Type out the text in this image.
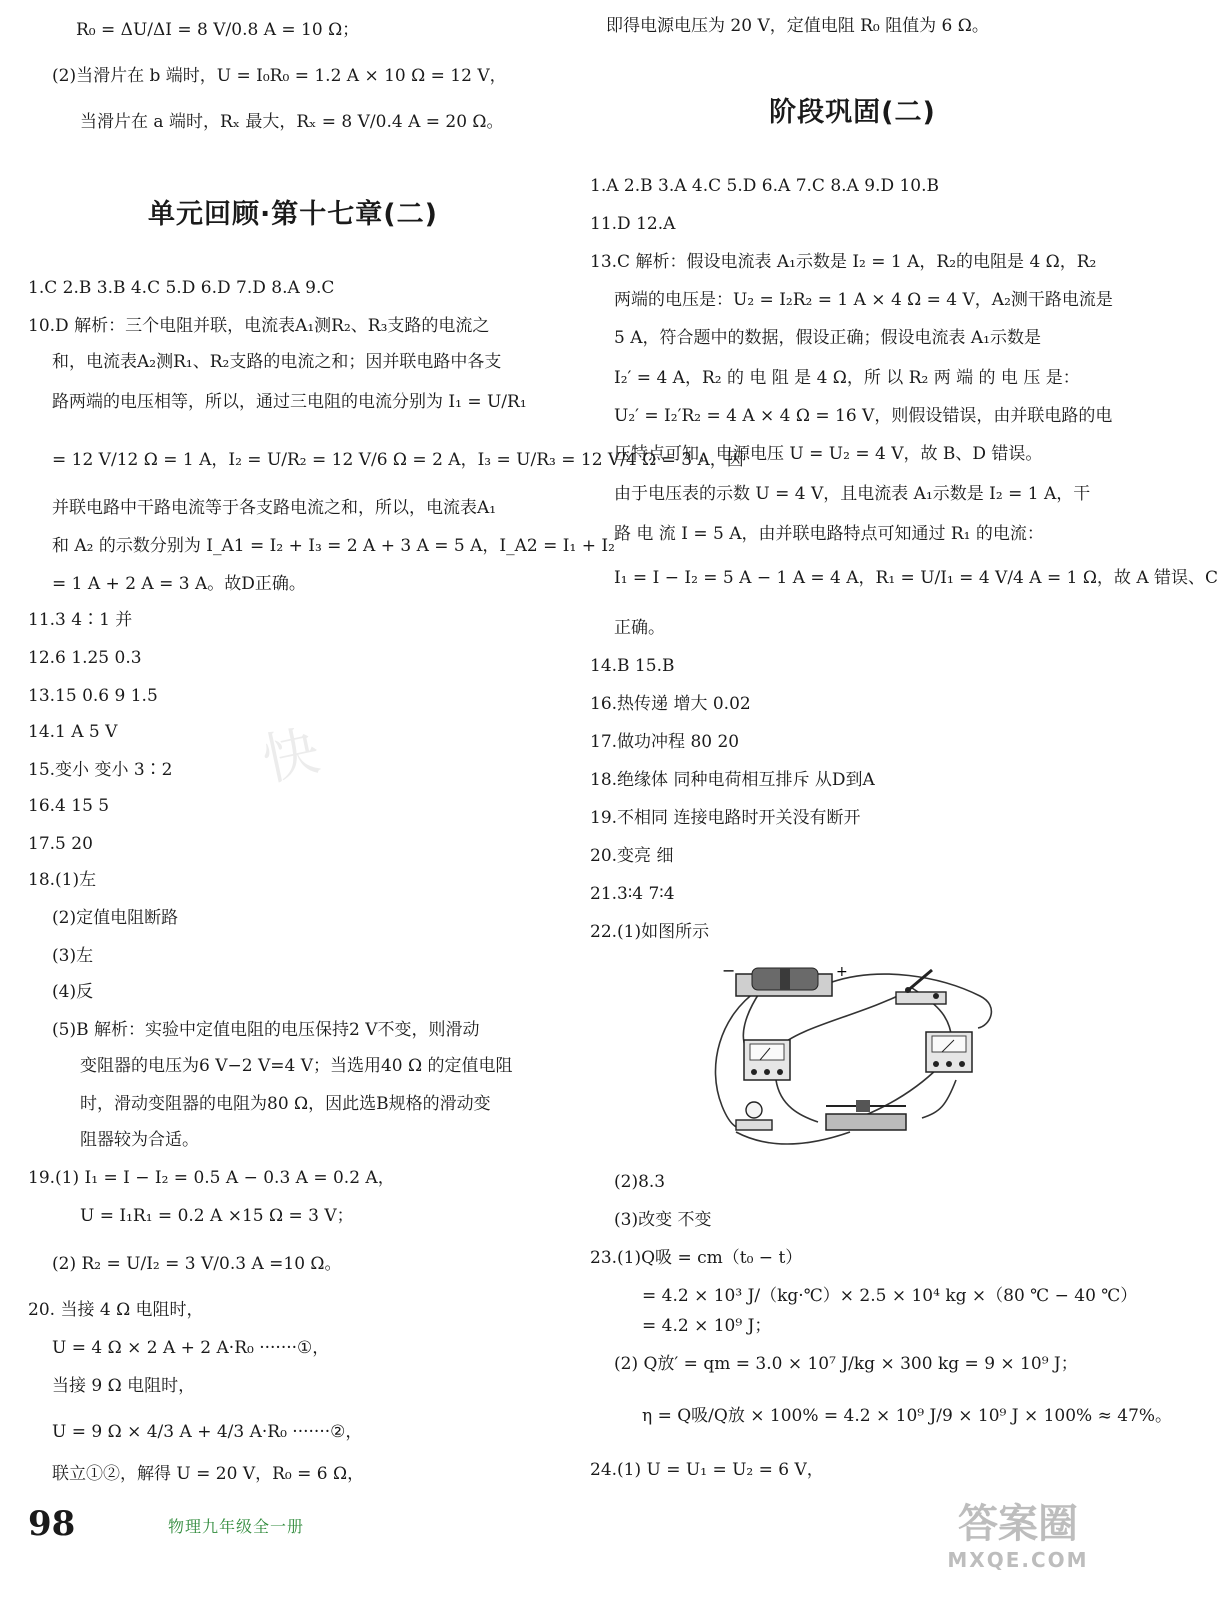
快
R₀ = ΔU/ΔI = 8 V/0.8 A = 10 Ω；
(2)当滑片在 b 端时，U = I₀R₀ = 1.2 A × 10 Ω = 12 V，
当滑片在 a 端时，Rₓ 最大，Rₓ = 8 V/0.4 A = 20 Ω。
单元回顾·第十七章(二)
1.C 2.B 3.B 4.C 5.D 6.D 7.D 8.A 9.C
10.D 解析：三个电阻并联，电流表A₁测R₂、R₃支路的电流之
和，电流表A₂测R₁、R₂支路的电流之和；因并联电路中各支
路两端的电压相等，所以，通过三电阻的电流分别为 I₁ = U/R₁
= 12 V/12 Ω = 1 A，I₂ = U/R₂ = 12 V/6 Ω = 2 A，I₃ = U/R₃ = 12 V/4 Ω = 3 A，因
并联电路中干路电流等于各支路电流之和，所以，电流表A₁
和 A₂ 的示数分别为 I_A1 = I₂ + I₃ = 2 A + 3 A = 5 A，I_A2 = I₁ + I₂
= 1 A + 2 A = 3 A。故D正确。
11.3 4∶1 并
12.6 1.25 0.3
13.15 0.6 9 1.5
14.1 A 5 V
15.变小 变小 3∶2
16.4 15 5
17.5 20
18.(1)左
(2)定值电阻断路
(3)左
(4)反
(5)B 解析：实验中定值电阻的电压保持2 V不变，则滑动
变阻器的电压为6 V−2 V=4 V；当选用40 Ω 的定值电阻
时，滑动变阻器的电阻为80 Ω，因此选B规格的滑动变
阻器较为合适。
19.(1) I₁ = I − I₂ = 0.5 A − 0.3 A = 0.2 A，
U = I₁R₁ = 0.2 A ×15 Ω = 3 V；
(2) R₂ = U/I₂ = 3 V/0.3 A =10 Ω。
20. 当接 4 Ω 电阻时，
U = 4 Ω × 2 A + 2 A·R₀ ·······①，
当接 9 Ω 电阻时，
U = 9 Ω × 4/3 A + 4/3 A·R₀ ·······②，
联立①②，解得 U = 20 V，R₀ = 6 Ω，
即得电源电压为 20 V，定值电阻 R₀ 阻值为 6 Ω。
阶段巩固(二)
1.A 2.B 3.A 4.C 5.D 6.A 7.C 8.A 9.D 10.B
11.D 12.A
13.C 解析：假设电流表 A₁示数是 I₂ = 1 A，R₂的电阻是 4 Ω，R₂
两端的电压是：U₂ = I₂R₂ = 1 A × 4 Ω = 4 V，A₂测干路电流是
5 A，符合题中的数据，假设正确；假设电流表 A₁示数是
I₂′ = 4 A，R₂ 的 电 阻 是 4 Ω，所 以 R₂ 两 端 的 电 压 是：
U₂′ = I₂′R₂ = 4 A × 4 Ω = 16 V，则假设错误，由并联电路的电
压特点可知，电源电压 U = U₂ = 4 V，故 B、D 错误。
由于电压表的示数 U = 4 V，且电流表 A₁示数是 I₂ = 1 A，干
路 电 流 I = 5 A，由并联电路特点可知通过 R₁ 的电流：
I₁ = I − I₂ = 5 A − 1 A = 4 A，R₁ = U/I₁ = 4 V/4 A = 1 Ω，故 A 错误、C
正确。
14.B 15.B
16.热传递 增大 0.02
17.做功冲程 80 20
18.绝缘体 同种电荷相互排斥 从D到A
19.不相同 连接电路时开关没有断开
20.变亮 细
21.3∶4 7∶4
22.(1)如图所示
−	+
(2)8.3
(3)改变 不变
23.(1)Q吸 = cm（t₀ − t）
= 4.2 × 10³ J/（kg·℃）× 2.5 × 10⁴ kg ×（80 ℃ − 40 ℃）
= 4.2 × 10⁹ J；
(2) Q放′ = qm = 3.0 × 10⁷ J/kg × 300 kg = 9 × 10⁹ J；
η = Q吸/Q放 × 100% = 4.2 × 10⁹ J/9 × 10⁹ J × 100% ≈ 47%。
24.(1) U = U₁ = U₂ = 6 V，
98	物理九年级全一册	答案圈
MXQE.COM
